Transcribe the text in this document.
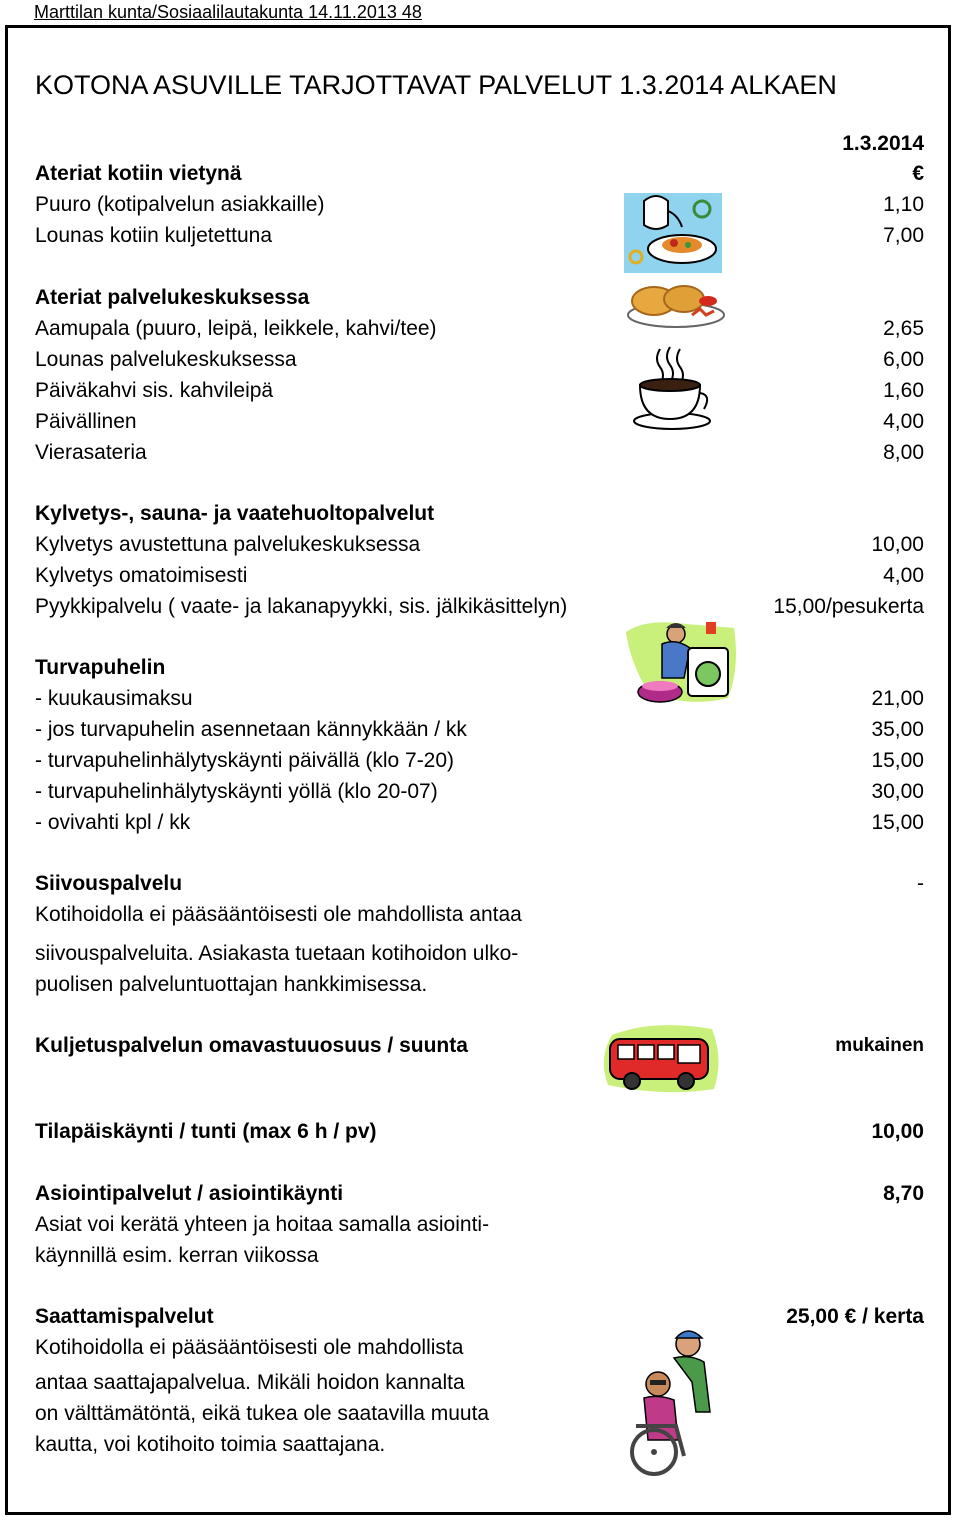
Marttilan kunta/Sosiaalilautakunta 14.11.2013 48
KOTONA ASUVILLE TARJOTTAVAT PALVELUT 1.3.2014 ALKAEN
1.3.2014
€
Ateriat kotiin vietynä
Puuro (kotipalvelun asiakkaille)	1,10
Lounas kotiin kuljetettuna	7,00
Ateriat palvelukeskuksessa
Aamupala (puuro, leipä, leikkele, kahvi/tee)	2,65
Lounas palvelukeskuksessa	6,00
Päiväkahvi sis. kahvileipä	1,60
Päivällinen	4,00
Vierasateria	8,00
Kylvetys-, sauna- ja vaatehuoltopalvelut
Kylvetys avustettuna palvelukeskuksessa	10,00
Kylvetys omatoimisesti	4,00
Pyykkipalvelu ( vaate- ja lakanapyykki, sis. jälkikäsittelyn)	15,00/pesukerta
Turvapuhelin
- kuukausimaksu	21,00
- jos turvapuhelin asennetaan kännykkään / kk	35,00
- turvapuhelinhälytyskäynti päivällä (klo 7-20)	15,00
- turvapuhelinhälytyskäynti yöllä (klo 20-07)	30,00
- ovivahti kpl / kk	15,00
Siivouspalvelu	-
Kotihoidolla ei pääsääntöisesti ole mahdollista antaa
siivouspalveluita. Asiakasta tuetaan kotihoidon ulko-
puolisen palveluntuottajan hankkimisessa.
Kuljetuspalvelun omavastuuosuus / suunta	mukainen
Tilapäiskäynti / tunti (max 6 h / pv)	10,00
Asiointipalvelut / asiointikäynti	8,70
Asiat voi kerätä yhteen ja hoitaa samalla asiointi-
käynnillä esim. kerran viikossa
Saattamispalvelut	25,00 € / kerta
Kotihoidolla ei pääsääntöisesti ole mahdollista
antaa saattajapalvelua. Mikäli hoidon kannalta
on välttämätöntä, eikä tukea ole saatavilla muuta
kautta, voi kotihoito toimia saattajana.
